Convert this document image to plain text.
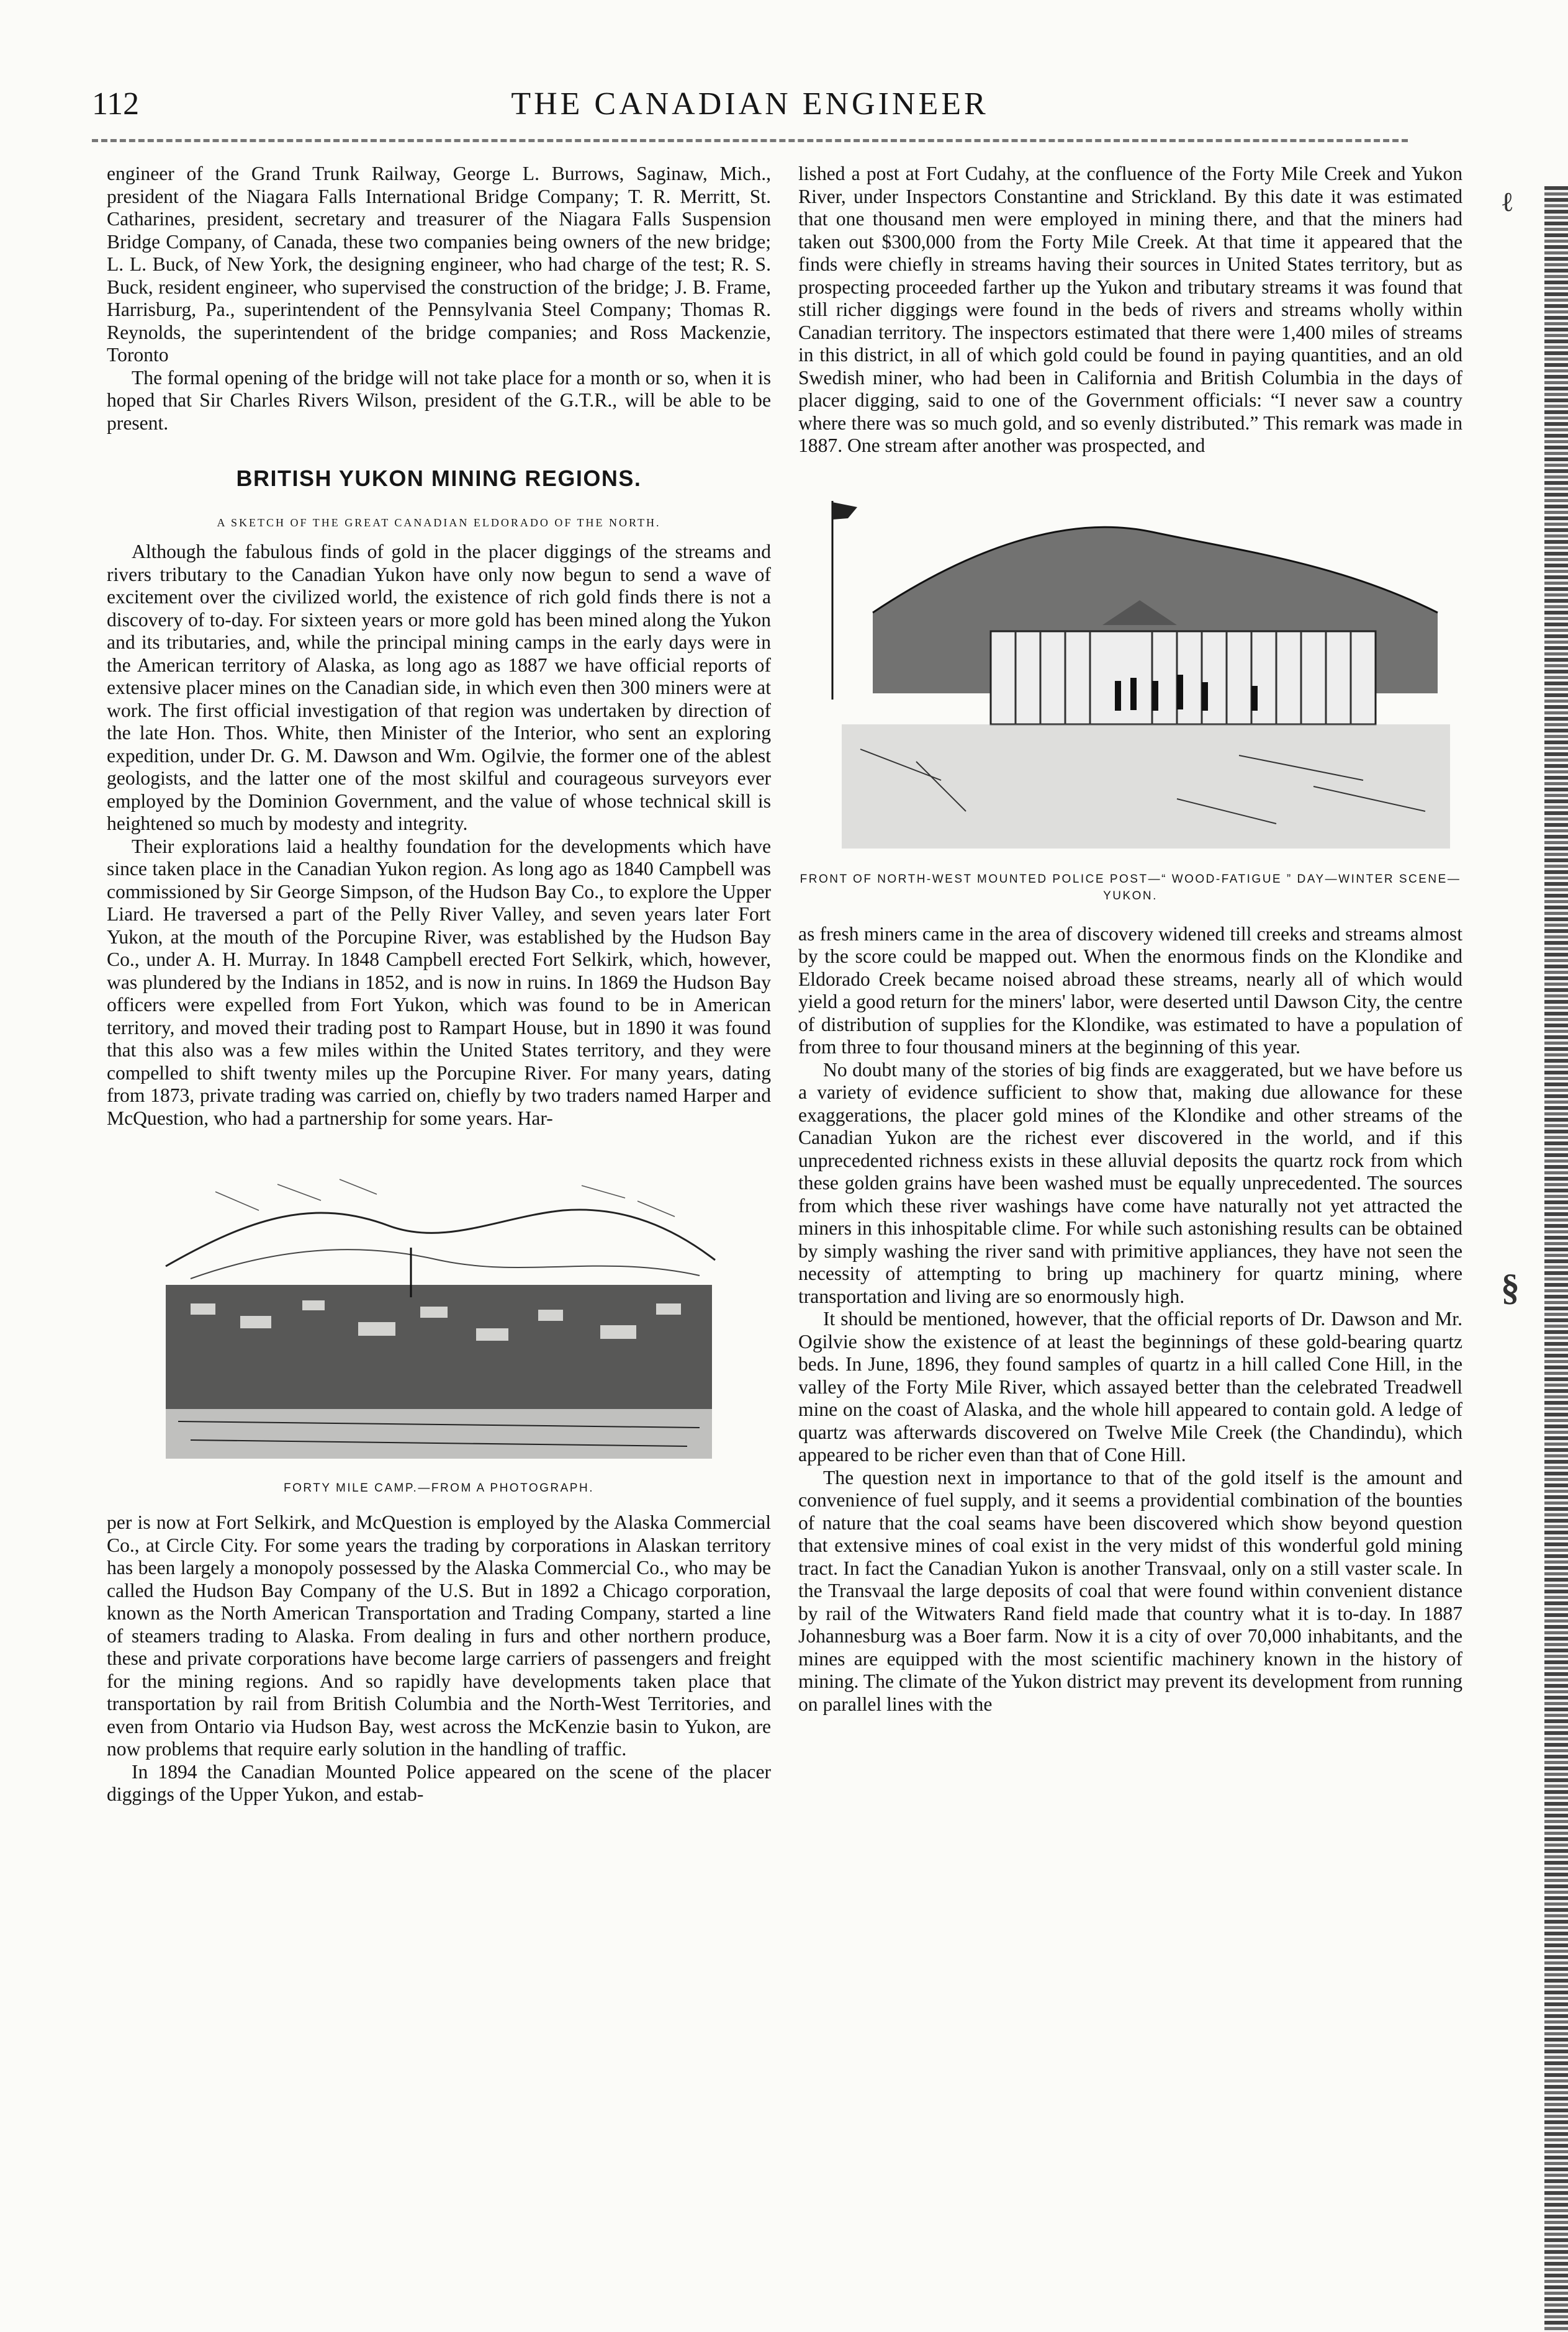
112	THE CANADIAN ENGINEER

engineer of the Grand Trunk Railway, George L. Burrows, Saginaw, Mich., president of the Niagara Falls International Bridge Company; T. R. Merritt, St. Catharines, president, secretary and treasurer of the Niagara Falls Suspension Bridge Company, of Canada, these two companies being owners of the new bridge; L. L. Buck, of New York, the designing engineer, who had charge of the test; R. S. Buck, resident engineer, who supervised the construction of the bridge; J. B. Frame, Harrisburg, Pa., superintendent of the Pennsylvania Steel Company; Thomas R. Reynolds, the superintendent of the bridge companies; and Ross Mackenzie, Toronto

The formal opening of the bridge will not take place for a month or so, when it is hoped that Sir Charles Rivers Wilson, president of the G.T.R., will be able to be present.

BRITISH YUKON MINING REGIONS.
A SKETCH OF THE GREAT CANADIAN ELDORADO OF THE NORTH.

Although the fabulous finds of gold in the placer diggings of the streams and rivers tributary to the Canadian Yukon have only now begun to send a wave of excitement over the civilized world, the existence of rich gold finds there is not a discovery of to-day. For sixteen years or more gold has been mined along the Yukon and its tributaries, and, while the principal mining camps in the early days were in the American territory of Alaska, as long ago as 1887 we have official reports of extensive placer mines on the Canadian side, in which even then 300 miners were at work. The first official investigation of that region was undertaken by direction of the late Hon. Thos. White, then Minister of the Interior, who sent an exploring expedition, under Dr. G. M. Dawson and Wm. Ogilvie, the former one of the ablest geologists, and the latter one of the most skilful and courageous surveyors ever employed by the Dominion Government, and the value of whose technical skill is heightened so much by modesty and integrity.

Their explorations laid a healthy foundation for the developments which have since taken place in the Canadian Yukon region. As long ago as 1840 Campbell was commissioned by Sir George Simpson, of the Hudson Bay Co., to explore the Upper Liard. He traversed a part of the Pelly River Valley, and seven years later Fort Yukon, at the mouth of the Porcupine River, was established by the Hudson Bay Co., under A. H. Murray. In 1848 Campbell erected Fort Selkirk, which, however, was plundered by the Indians in 1852, and is now in ruins. In 1869 the Hudson Bay officers were expelled from Fort Yukon, which was found to be in American territory, and moved their trading post to Rampart House, but in 1890 it was found that this also was a few miles within the United States territory, and they were compelled to shift twenty miles up the Porcupine River. For many years, dating from 1873, private trading was carried on, chiefly by two traders named Harper and McQuestion, who had a partnership for some years. Har-

FORTY MILE CAMP.—FROM A PHOTOGRAPH.

per is now at Fort Selkirk, and McQuestion is employed by the Alaska Commercial Co., at Circle City. For some years the trading by corporations in Alaskan territory has been largely a monopoly possessed by the Alaska Commercial Co., who may be called the Hudson Bay Company of the U.S. But in 1892 a Chicago corporation, known as the North American Transportation and Trading Company, started a line of steamers trading to Alaska. From dealing in furs and other northern produce, these and private corporations have become large carriers of passengers and freight for the mining regions. And so rapidly have developments taken place that transportation by rail from British Columbia and the North-West Territories, and even from Ontario via Hudson Bay, west across the McKenzie basin to Yukon, are now problems that require early solution in the handling of traffic.

In 1894 the Canadian Mounted Police appeared on the scene of the placer diggings of the Upper Yukon, and estab-

lished a post at Fort Cudahy, at the confluence of the Forty Mile Creek and Yukon River, under Inspectors Constantine and Strickland. By this date it was estimated that one thousand men were employed in mining there, and that the miners had taken out $300,000 from the Forty Mile Creek. At that time it appeared that the finds were chiefly in streams having their sources in United States territory, but as prospecting proceeded farther up the Yukon and tributary streams it was found that still richer diggings were found in the beds of rivers and streams wholly within Canadian territory. The inspectors estimated that there were 1,400 miles of streams in this district, in all of which gold could be found in paying quantities, and an old Swedish miner, who had been in California and British Columbia in the days of placer digging, said to one of the Government officials: “I never saw a country where there was so much gold, and so evenly distributed.” This remark was made in 1887. One stream after another was prospected, and

FRONT OF NORTH-WEST MOUNTED POLICE POST—“ WOOD-FATIGUE ” DAY—WINTER SCENE—YUKON.

as fresh miners came in the area of discovery widened till creeks and streams almost by the score could be mapped out. When the enormous finds on the Klondike and Eldorado Creek became noised abroad these streams, nearly all of which would yield a good return for the miners' labor, were deserted until Dawson City, the centre of distribution of supplies for the Klondike, was estimated to have a population of from three to four thousand miners at the beginning of this year.

No doubt many of the stories of big finds are exaggerated, but we have before us a variety of evidence sufficient to show that, making due allowance for these exaggerations, the placer gold mines of the Klondike and other streams of the Canadian Yukon are the richest ever discovered in the world, and if this unprecedented richness exists in these alluvial deposits the quartz rock from which these golden grains have been washed must be equally unprecedented. The sources from which these river washings have come have naturally not yet attracted the miners in this inhospitable clime. For while such astonishing results can be obtained by simply washing the river sand with primitive appliances, they have not seen the necessity of attempting to bring up machinery for quartz mining, where transportation and living are so enormously high.

It should be mentioned, however, that the official reports of Dr. Dawson and Mr. Ogilvie show the existence of at least the beginnings of these gold-bearing quartz beds. In June, 1896, they found samples of quartz in a hill called Cone Hill, in the valley of the Forty Mile River, which assayed better than the celebrated Treadwell mine on the coast of Alaska, and the whole hill appeared to contain gold. A ledge of quartz was afterwards discovered on Twelve Mile Creek (the Chandindu), which appeared to be richer even than that of Cone Hill.

The question next in importance to that of the gold itself is the amount and convenience of fuel supply, and it seems a providential combination of the bounties of nature that the coal seams have been discovered which show beyond question that extensive mines of coal exist in the very midst of this wonderful gold mining tract. In fact the Canadian Yukon is another Transvaal, only on a still vaster scale. In the Transvaal the large deposits of coal that were found within convenient distance by rail of the Witwaters Rand field made that country what it is to-day. In 1887 Johannesburg was a Boer farm. Now it is a city of over 70,000 inhabitants, and the mines are equipped with the most scientific machinery known in the history of mining. The climate of the Yukon district may prevent its development from running on parallel lines with the

ℓ
§
